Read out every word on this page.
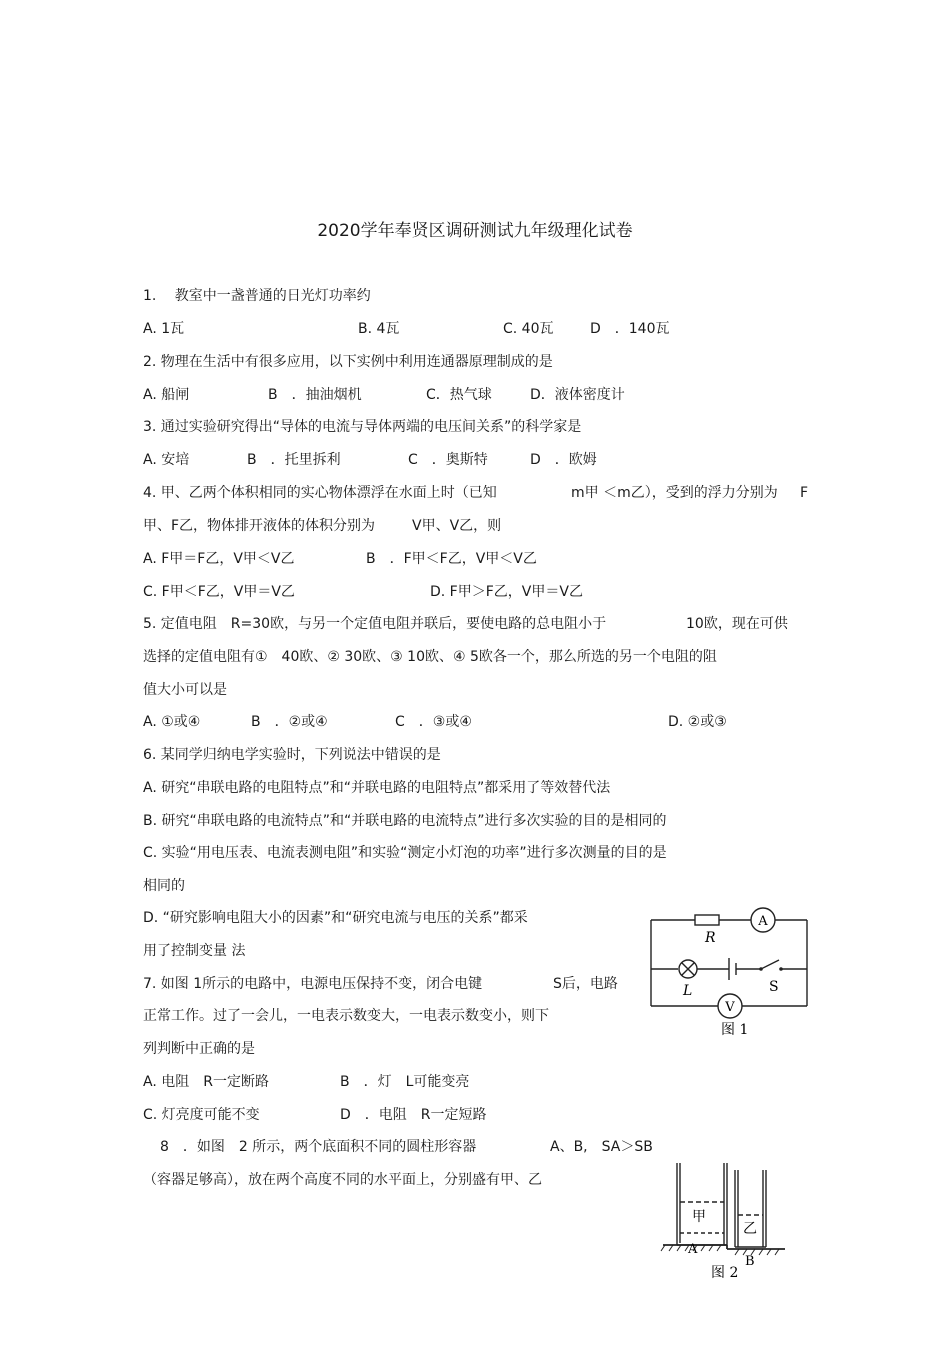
2020学年奉贤区调研测试九年级理化试卷
1.　 教室中一盏普通的日光灯功率约
A. 1瓦	B. 4瓦	C. 40瓦	D　．140瓦
2. 物理在生活中有很多应用，以下实例中利用连通器原理制成的是
A. 船闸	B　．抽油烟机	C．热气球	D．液体密度计
3. 通过实验研究得出“导体的电流与导体两端的电压间关系”的科学家是
A. 安培	B　．托里拆利	C　．奥斯特	D　．欧姆
4. 甲、乙两个体积相同的实心物体漂浮在水面上时（已知	m甲 ＜m乙），受到的浮力分别为 F
甲、F乙，物体排开液体的体积分别为	V甲、V乙，则
A. F甲＝F乙，V甲＜V乙	B　．F甲＜F乙，V甲＜V乙
C. F甲＜F乙，V甲＝V乙	D. F甲＞F乙，V甲＝V乙
5. 定值电阻　R=30欧，与另一个定值电阻并联后，要使电路的总电阻小于	10欧，现在可供
选择的定值电阻有①　40欧、② 30欧、③ 10欧、④ 5欧各一个，那么所选的另一个电阻的阻
值大小可以是
A. ①或④	B　．②或④	C　．③或④	D. ②或③
6. 某同学归纳电学实验时，下列说法中错误的是
A. 研究“串联电路的电阻特点”和“并联电路的电阻特点”都采用了等效替代法
B. 研究“串联电路的电流特点”和“并联电路的电流特点”进行多次实验的目的是相同的
C. 实验“用电压表、电流表测电阻”和实验“测定小灯泡的功率”进行多次测量的目的是
相同的
D. “研究影响电阻大小的因素”和“研究电流与电压的关系”都采
用了控制变量 法
7. 如图 1所示的电路中，电源电压保持不变，闭合电键	S后，电路
正常工作。过了一会儿，一电表示数变大，一电表示数变小，则下
列判断中正确的是
A. 电阻　R一定断路	B　．灯　L可能变亮
C. 灯亮度可能不变	D　．电阻　R一定短路
8　．如图　2 所示，两个底面积不同的圆柱形容器	A、B,　SA＞SB
（容器足够高），放在两个高度不同的水平面上，分别盛有甲、乙
A
R
L	S
V
图 1
甲
乙
A
B
图 2
